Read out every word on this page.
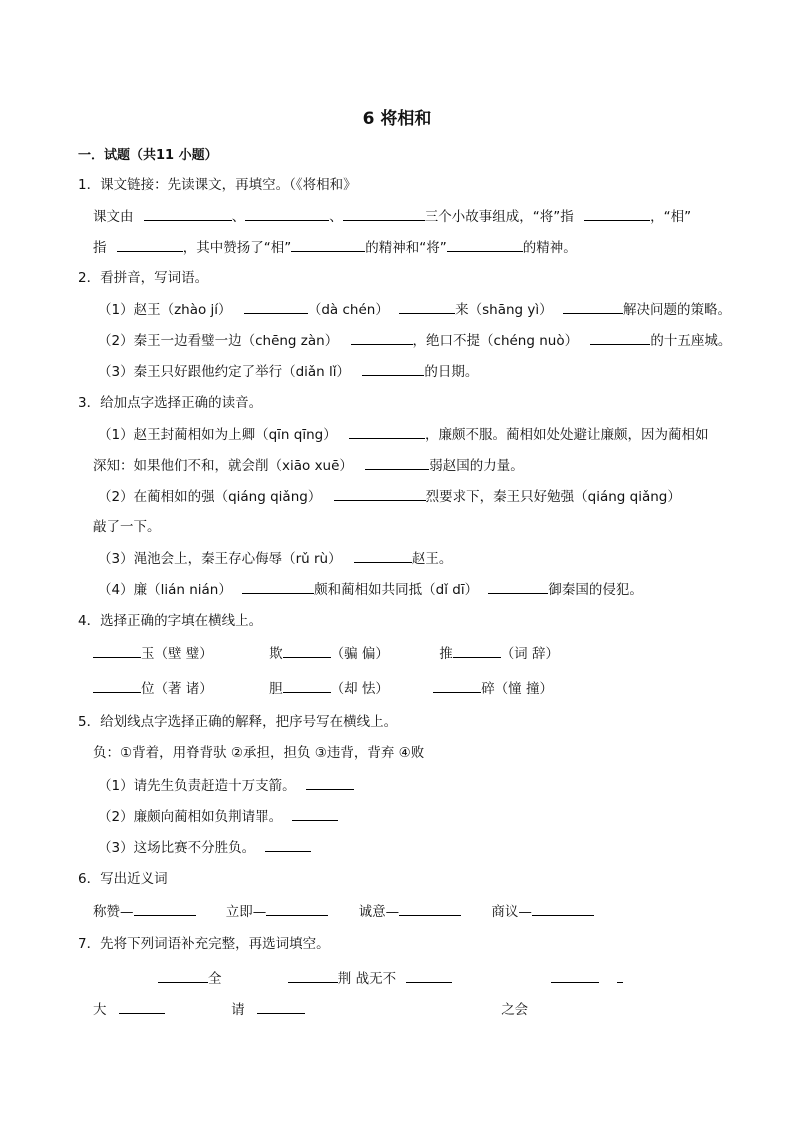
6 将相和
一．试题（共11 小题）
1．课文链接：先读课文，再填空。（《将相和》
课文由	、	、	三个小故事组成，“将”指	，“相”
指	，其中赞扬了“相”	的精神和“将”	的精神。
2．看拼音，写词语。
（1）赵王（zhào jí）	（dà chén）	来（shāng yì）	解决问题的策略。
（2）秦王一边看璧一边（chēng zàn）	，绝口不提（chéng nuò）	的十五座城。
（3）秦王只好跟他约定了举行（diǎn lǐ）	的日期。
3．给加点字选择正确的读音。
（1）赵王封蔺相如为上卿（qīn qīng）	，廉颇不服。蔺相如处处避让廉颇，因为蔺相如
深知：如果他们不和，就会削（xiāo xuē）	弱赵国的力量。
（2）在蔺相如的强（qiáng qiǎng）	烈要求下，秦王只好勉强（qiáng qiǎng）
敲了一下。
（3）渑池会上，秦王存心侮辱（rǔ rù）	赵王。
（4）廉（lián nián）	颇和蔺相如共同抵（dǐ dī）	御秦国的侵犯。
4．选择正确的字填在横线上。
玉（壁 璧）	欺	（骗 偏）	推	（词 辞）
位（著 诸）	胆	（却 怯）	碎（憧 撞）
5．给划线点字选择正确的解释，把序号写在横线上。
负：①背着，用脊背驮 ②承担，担负 ③违背，背弃 ④败
（1）请先生负责赶造十万支箭。
（2）廉颇向蔺相如负荆请罪。
（3）这场比赛不分胜负。
6．写出近义词
称赞—	立即—	诚意—	商议—
7．先将下列词语补充完整，再选词填空。
全	荆 战无不
大	请	之会
